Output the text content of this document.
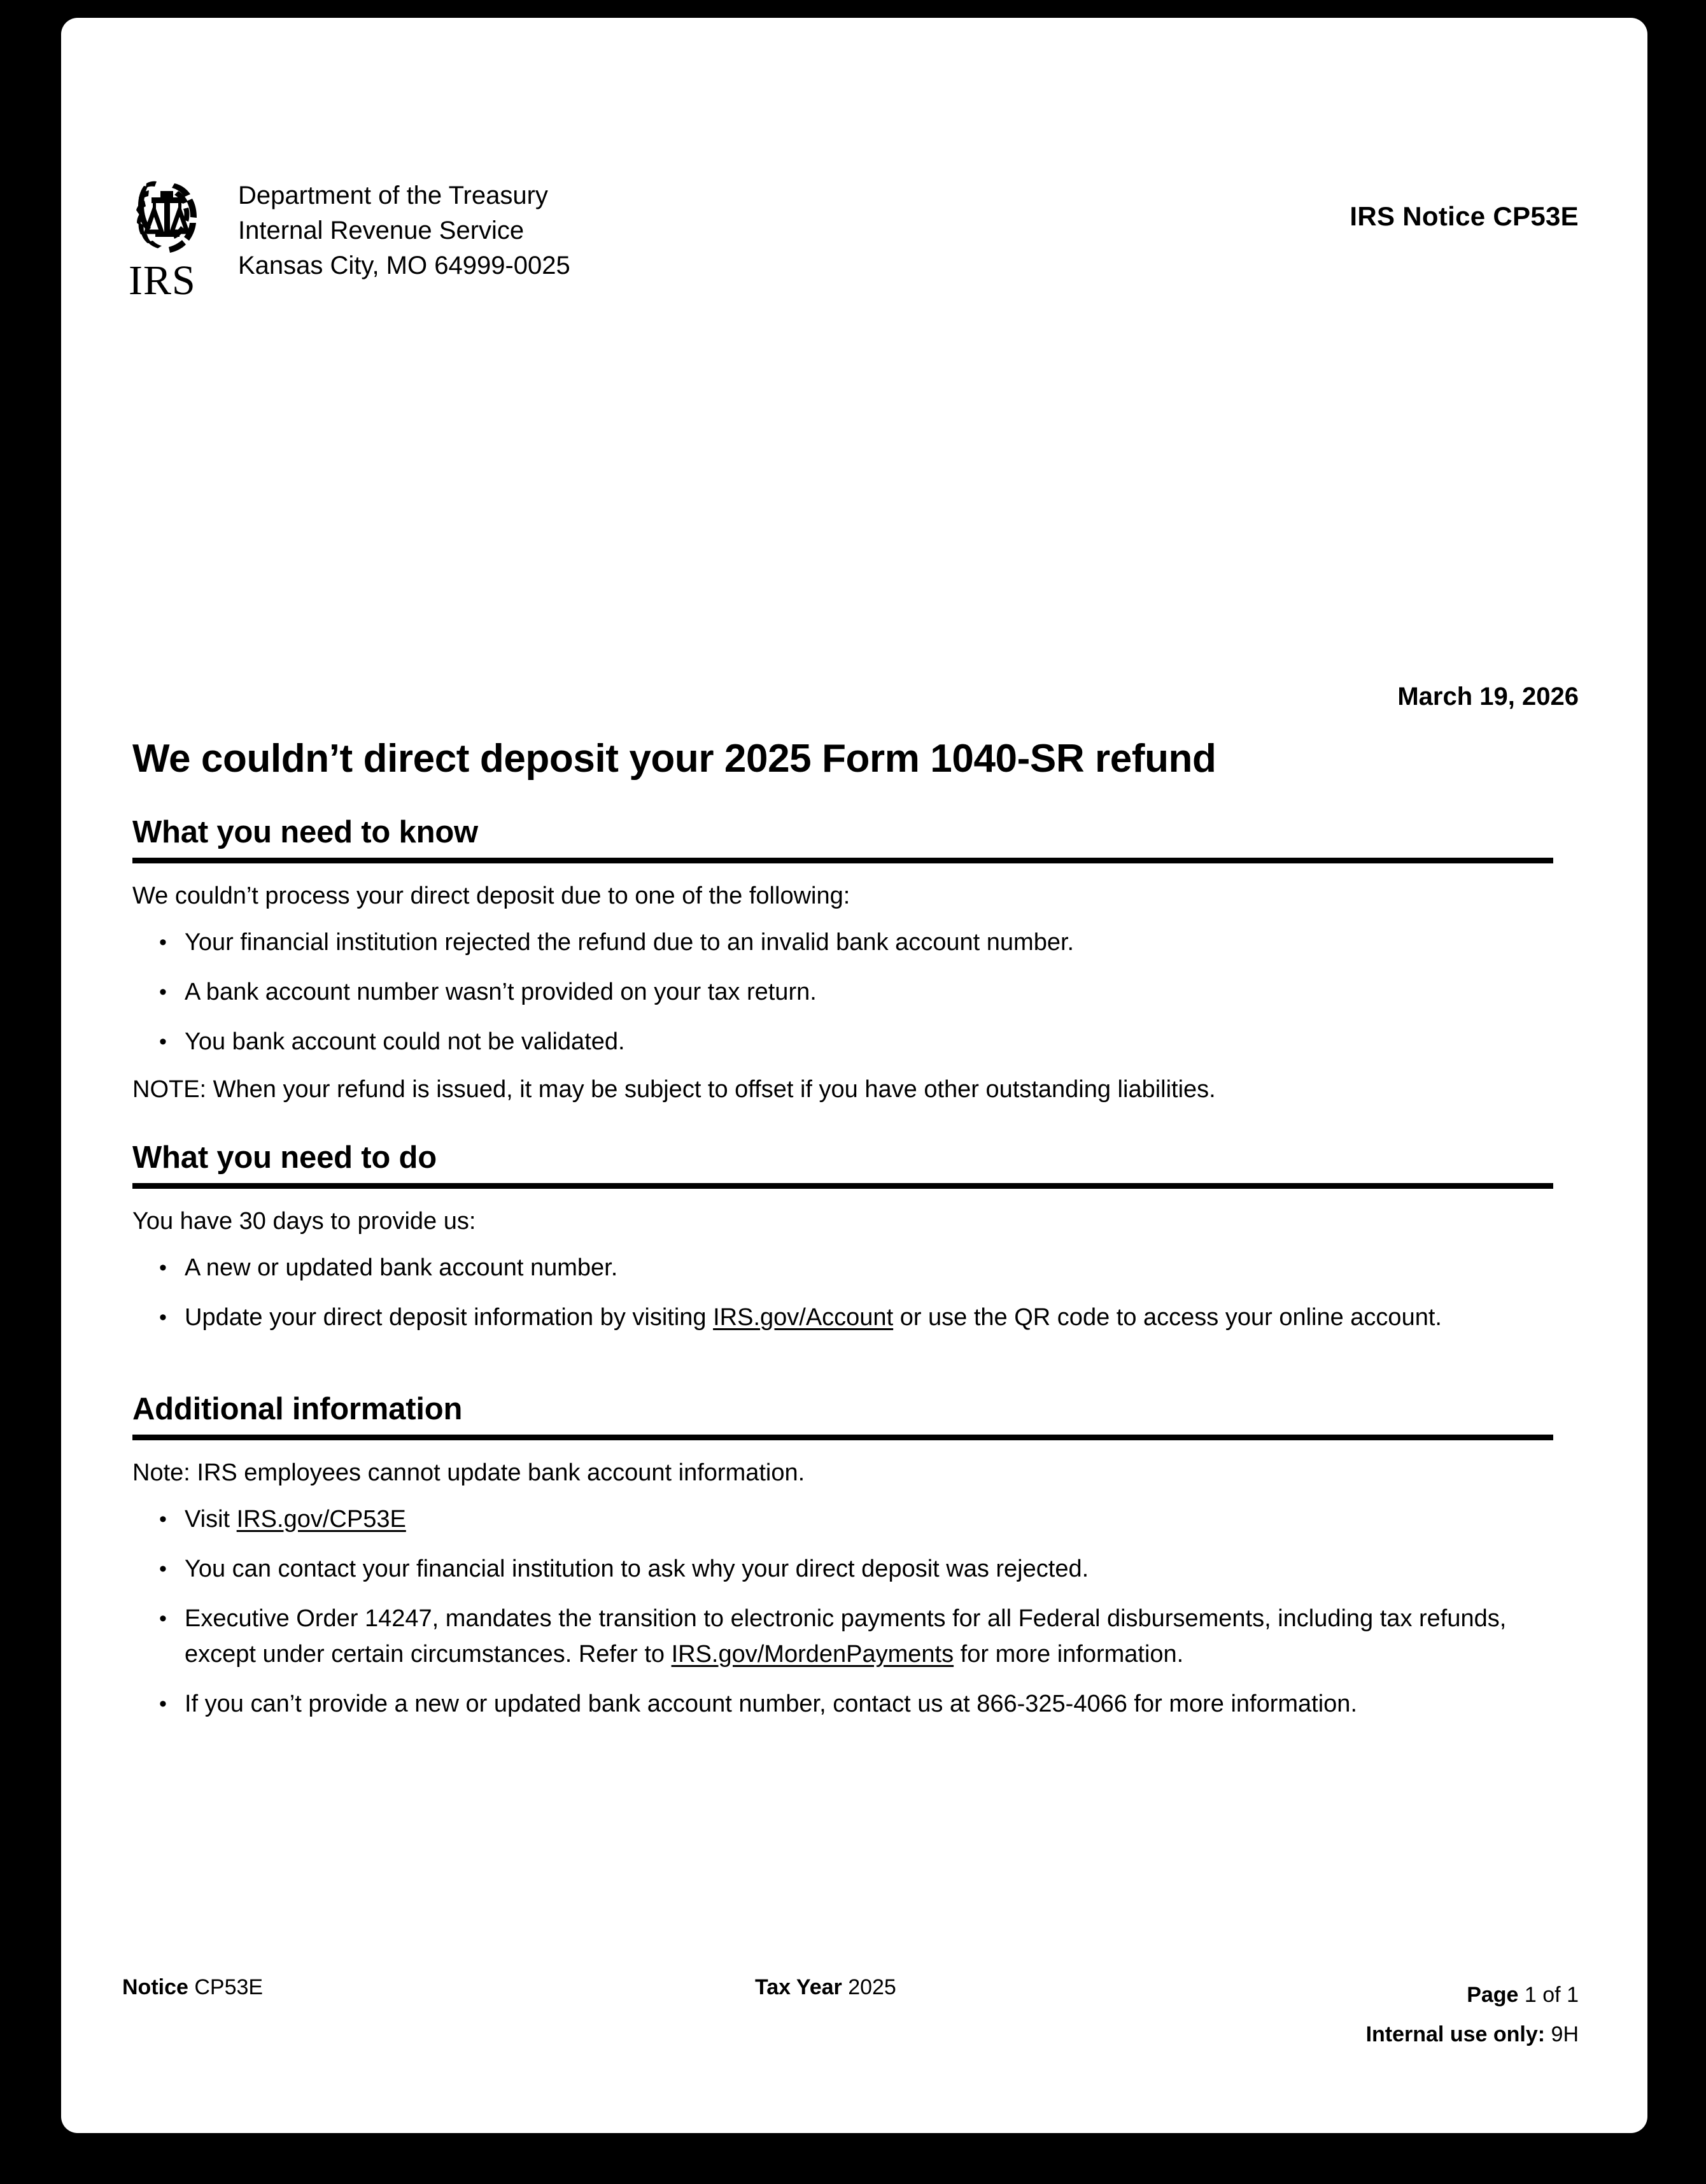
IRS
Department of the Treasury
Internal Revenue Service
Kansas City, MO 64999-0025
IRS Notice CP53E
March 19, 2026
We couldn’t direct deposit your 2025 Form 1040-SR refund
What you need to know
We couldn’t process your direct deposit due to one of the following:
• Your financial institution rejected the refund due to an invalid bank account number.
• A bank account number wasn’t provided on your tax return.
• You bank account could not be validated.
NOTE: When your refund is issued, it may be subject to offset if you have other outstanding liabilities.
What you need to do
You have 30 days to provide us:
• A new or updated bank account number.
• Update your direct deposit information by visiting IRS.gov/Account or use the QR code to access your online account.
Additional information
Note: IRS employees cannot update bank account information.
• Visit IRS.gov/CP53E
• You can contact your financial institution to ask why your direct deposit was rejected.
• Executive Order 14247, mandates the transition to electronic payments for all Federal disbursements, including tax refunds, except under certain circumstances. Refer to IRS.gov/MordenPayments for more information.
• If you can’t provide a new or updated bank account number, contact us at 866-325-4066 for more information.
Notice CP53E	Tax Year 2025	Page 1 of 1
Internal use only: 9H
